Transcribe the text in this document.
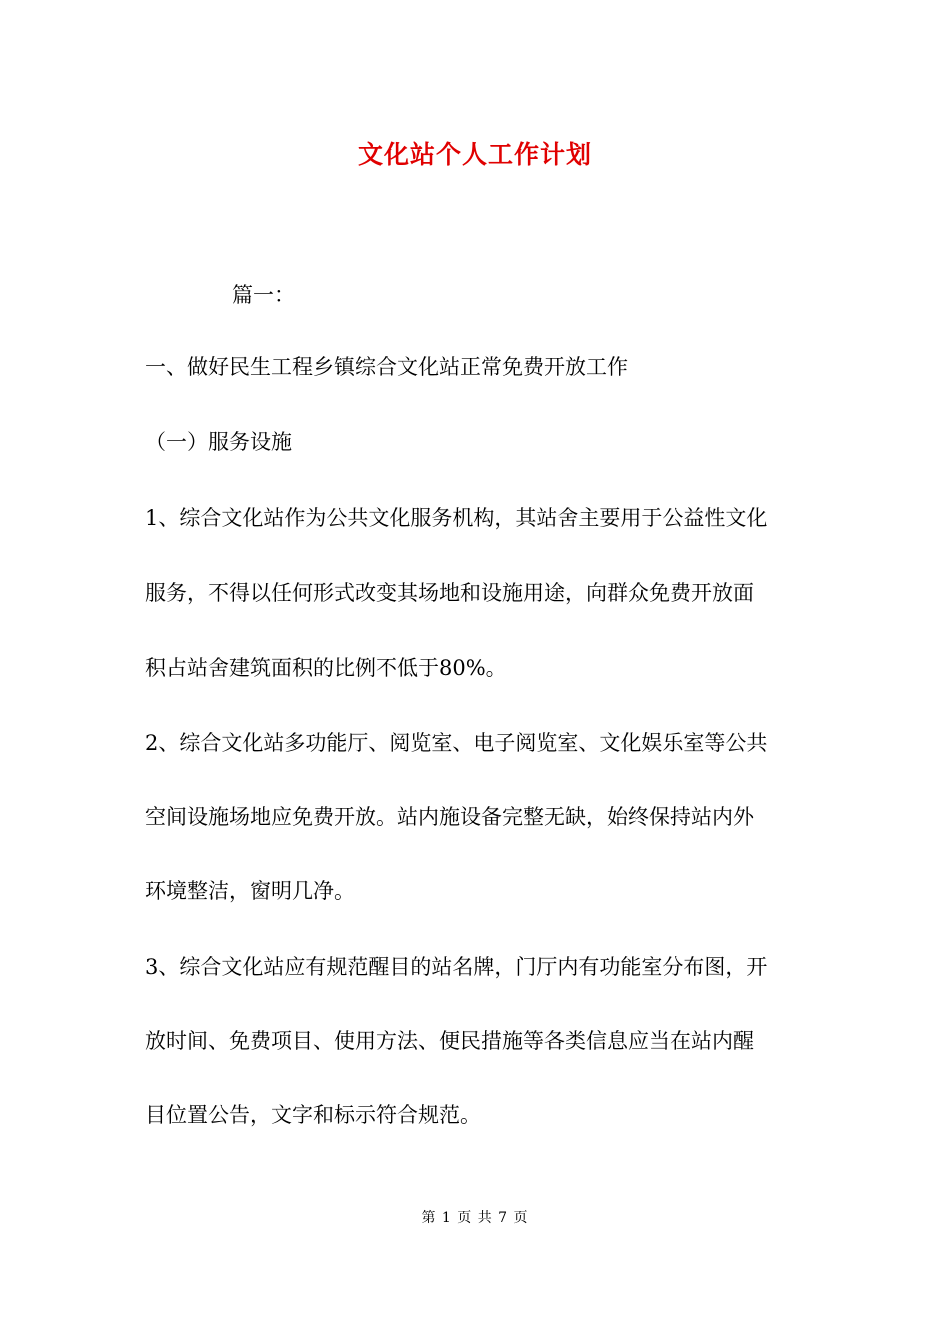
文化站个人工作计划
篇一：
一、做好民生工程乡镇综合文化站正常免费开放工作
（一）服务设施
1、综合文化站作为公共文化服务机构，其站舍主要用于公益性文化
服务，不得以任何形式改变其场地和设施用途，向群众免费开放面
积占站舍建筑面积的比例不低于80%。
2、综合文化站多功能厅、阅览室、电子阅览室、文化娱乐室等公共
空间设施场地应免费开放。站内施设备完整无缺，始终保持站内外
环境整洁，窗明几净。
3、综合文化站应有规范醒目的站名牌，门厅内有功能室分布图，开
放时间、免费项目、使用方法、便民措施等各类信息应当在站内醒
目位置公告，文字和标示符合规范。
第 1 页 共 7 页
